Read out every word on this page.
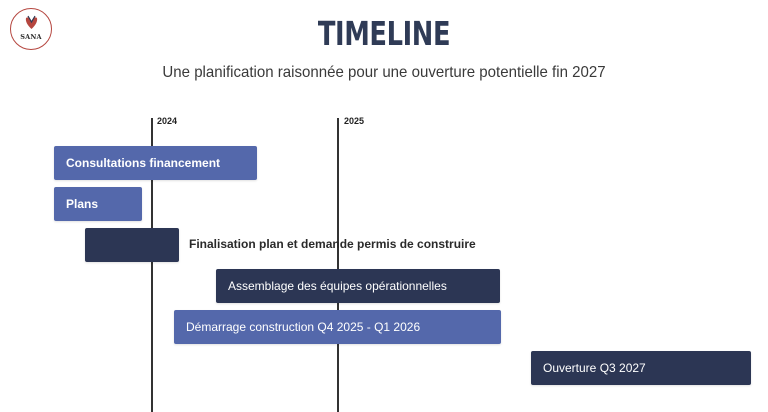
SANA	TIMELINE
Une planification raisonnée pour une ouverture potentielle fin 2027
2024	2025
Consultations financement
Plans
Finalisation plan et demande permis de construire
Assemblage des équipes opérationnelles
Démarrage construction Q4 2025 - Q1 2026
Ouverture Q3 2027
